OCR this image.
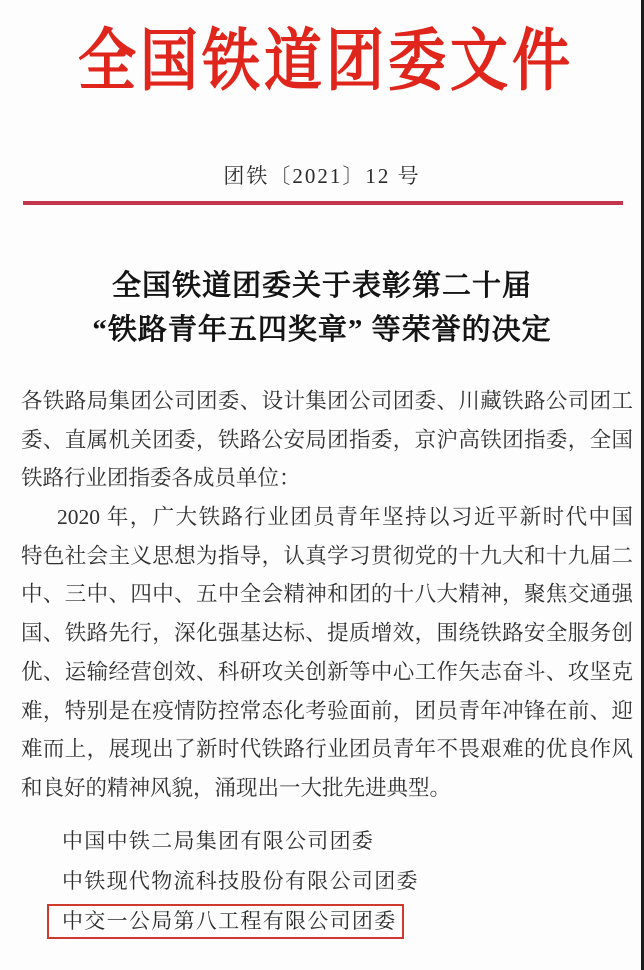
全国铁道团委文件
团铁〔2021〕12 号
全国铁道团委关于表彰第二十届
“铁路青年五四奖章” 等荣誉的决定
各铁路局集团公司团委、设计集团公司团委、川藏铁路公司团工
委、直属机关团委，铁路公安局团指委，京沪高铁团指委，全国
铁路行业团指委各成员单位：
2020 年，广大铁路行业团员青年坚持以习近平新时代中国
特色社会主义思想为指导，认真学习贯彻党的十九大和十九届二
中、三中、四中、五中全会精神和团的十八大精神，聚焦交通强
国、铁路先行，深化强基达标、提质增效，围绕铁路安全服务创
优、运输经营创效、科研攻关创新等中心工作矢志奋斗、攻坚克
难，特别是在疫情防控常态化考验面前，团员青年冲锋在前、迎
难而上，展现出了新时代铁路行业团员青年不畏艰难的优良作风
和良好的精神风貌，涌现出一大批先进典型。
中国中铁二局集团有限公司团委
中铁现代物流科技股份有限公司团委
中交一公局第八工程有限公司团委
